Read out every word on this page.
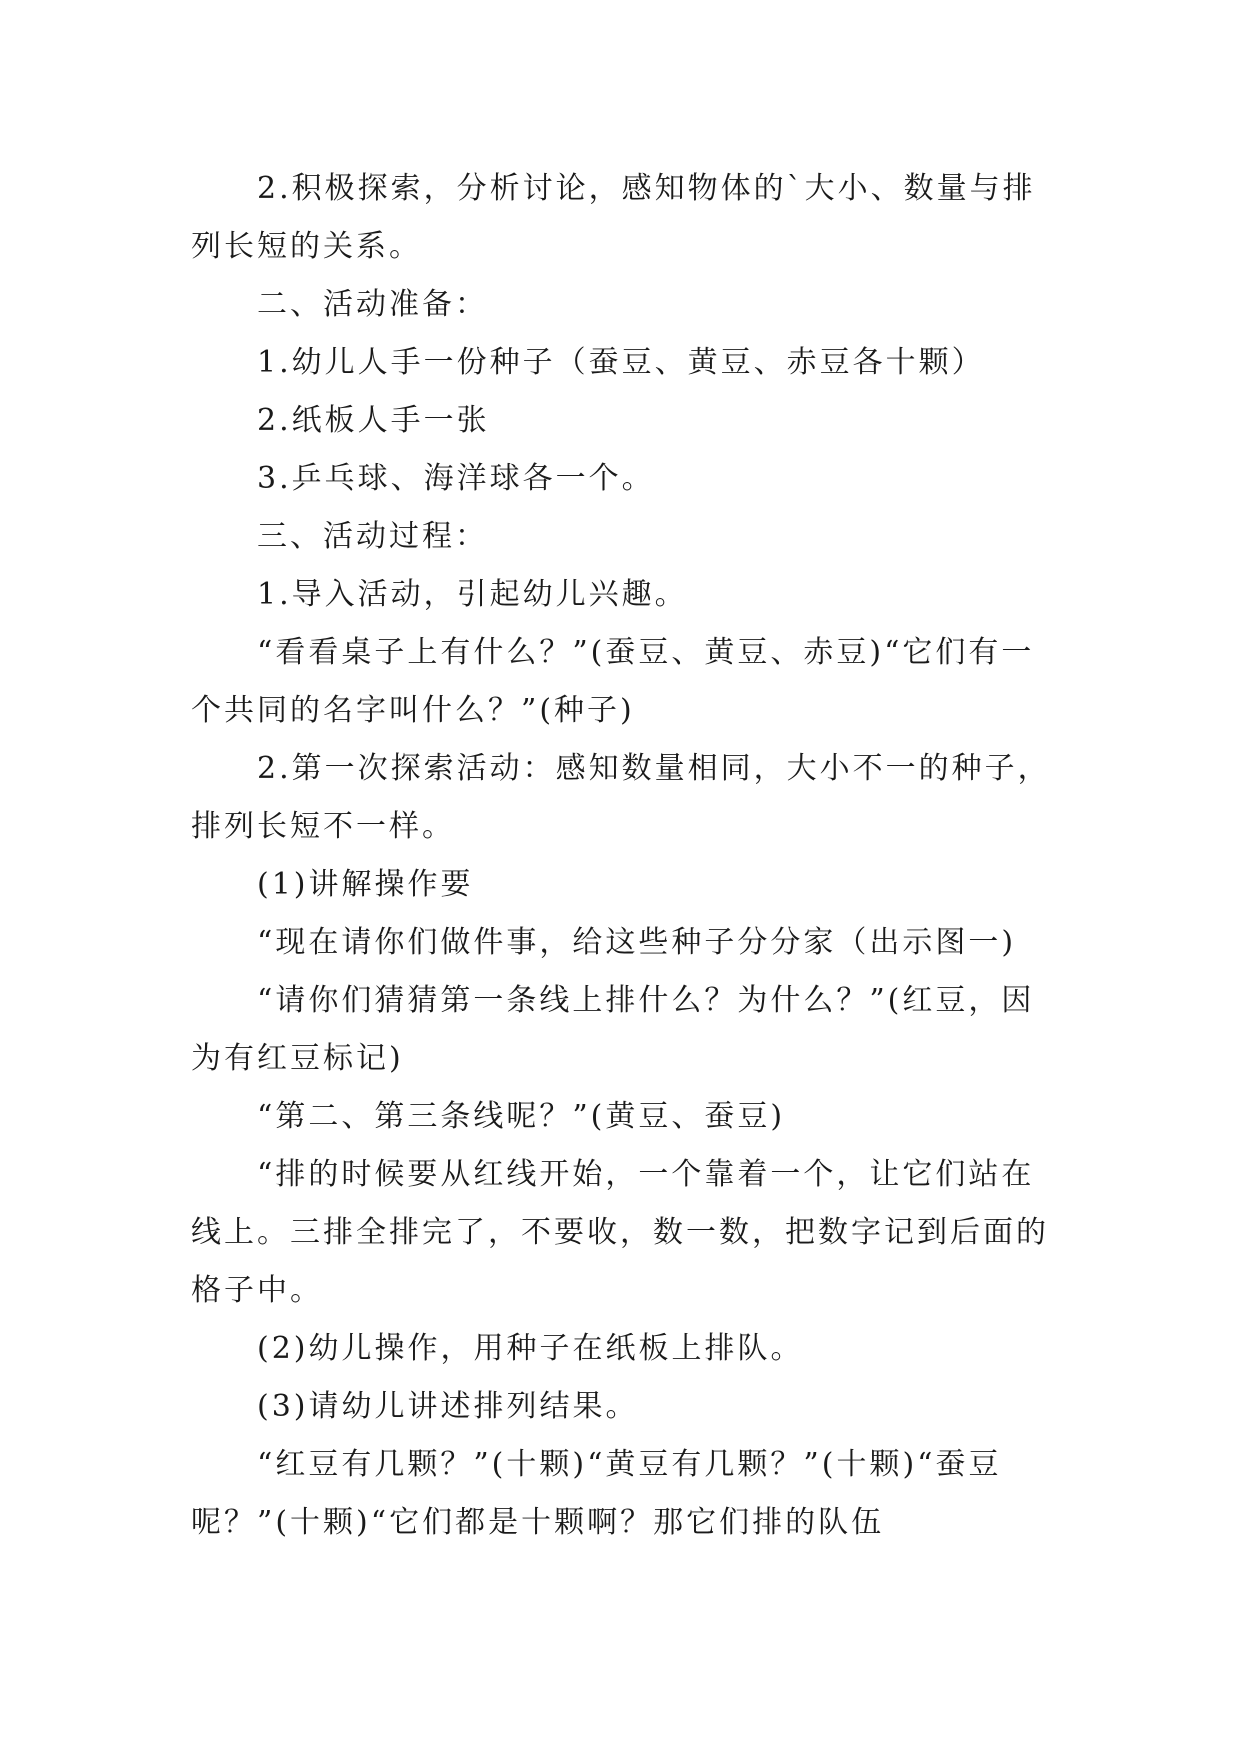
2.积极探索，分析讨论，感知物体的`大小、数量与排列长短的关系。

二、活动准备：

1.幼儿人手一份种子（蚕豆、黄豆、赤豆各十颗）

2.纸板人手一张

3.乒乓球、海洋球各一个。

三、活动过程：

1.导入活动，引起幼儿兴趣。

“看看桌子上有什么？”(蚕豆、黄豆、赤豆)“它们有一个共同的名字叫什么？”(种子)

2.第一次探索活动：感知数量相同，大小不一的种子，排列长短不一样。

(1)讲解操作要

“现在请你们做件事，给这些种子分分家（出示图一)

“请你们猜猜第一条线上排什么？为什么？”(红豆，因为有红豆标记)

“第二、第三条线呢？”(黄豆、蚕豆)

“排的时候要从红线开始，一个靠着一个，让它们站在线上。三排全排完了，不要收，数一数，把数字记到后面的格子中。

(2)幼儿操作，用种子在纸板上排队。

(3)请幼儿讲述排列结果。

“红豆有几颗？”(十颗)“黄豆有几颗？”(十颗)“蚕豆呢？”(十颗)“它们都是十颗啊？那它们排的队伍
